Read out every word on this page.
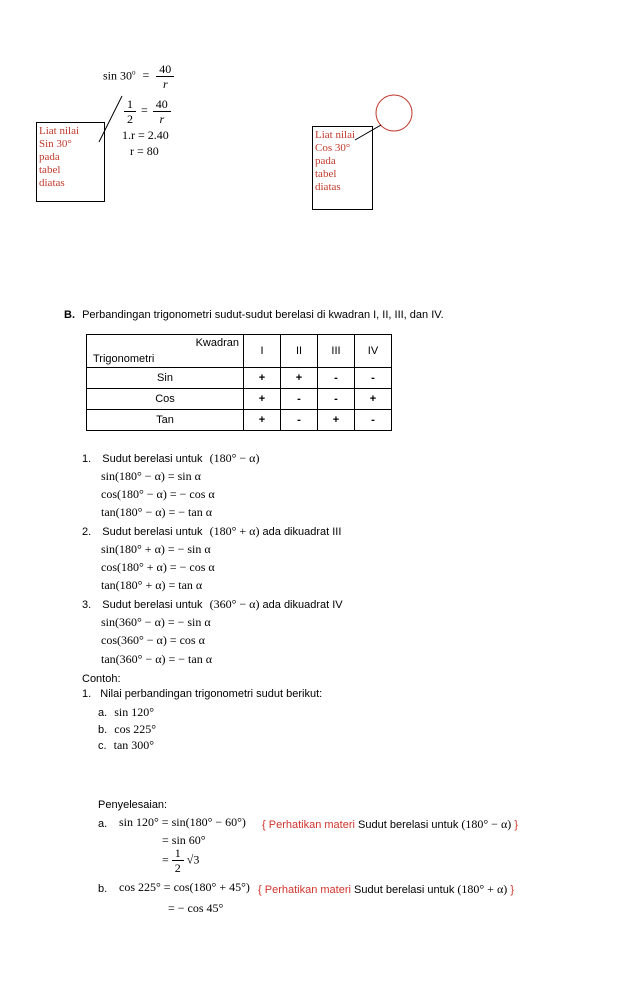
$\sin 30^o = \frac{40}{r}$
$\frac{1}{2} = \frac{40}{r}$
1.r = 2.40
r = 80
Liat nilai
Sin 30°
pada
tabel
diatas
Liat nilai
Cos 30°
pada
tabel
diatas
B. Perbandingan trigonometri sudut-sudut berelasi di kwadran I, II, III, dan IV.
Kwadran
Trigonometri	I	II	III	IV
Sin	+	+	-	-
Cos	+	-	-	+
Tan	+	-	+	-
1. Sudut berelasi untuk (180° − α)
sin(180° − α) = sin α
cos(180° − α) = − cos α
tan(180° − α) = − tan α
2. Sudut berelasi untuk (180° + α) ada dikuadrat III
sin(180° + α) = − sin α
cos(180° + α) = − cos α
tan(180° + α) = tan α
3. Sudut berelasi untuk (360° − α) ada dikuadrat IV
sin(360° − α) = − sin α
cos(360° − α) = cos α
tan(360° − α) = − tan α
Contoh:
1. Nilai perbandingan trigonometri sudut berikut:
a. sin 120°
b. cos 225°
c. tan 300°
Penyelesaian:
a. sin 120° = sin(180° − 60°) { Perhatikan materi Sudut berelasi untuk (180° − α) }
= sin 60°
= $\frac{1}{2} √3$
b. cos 225° = cos(180° + 45°) { Perhatikan materi Sudut berelasi untuk (180° + α) }
= − cos 45°
